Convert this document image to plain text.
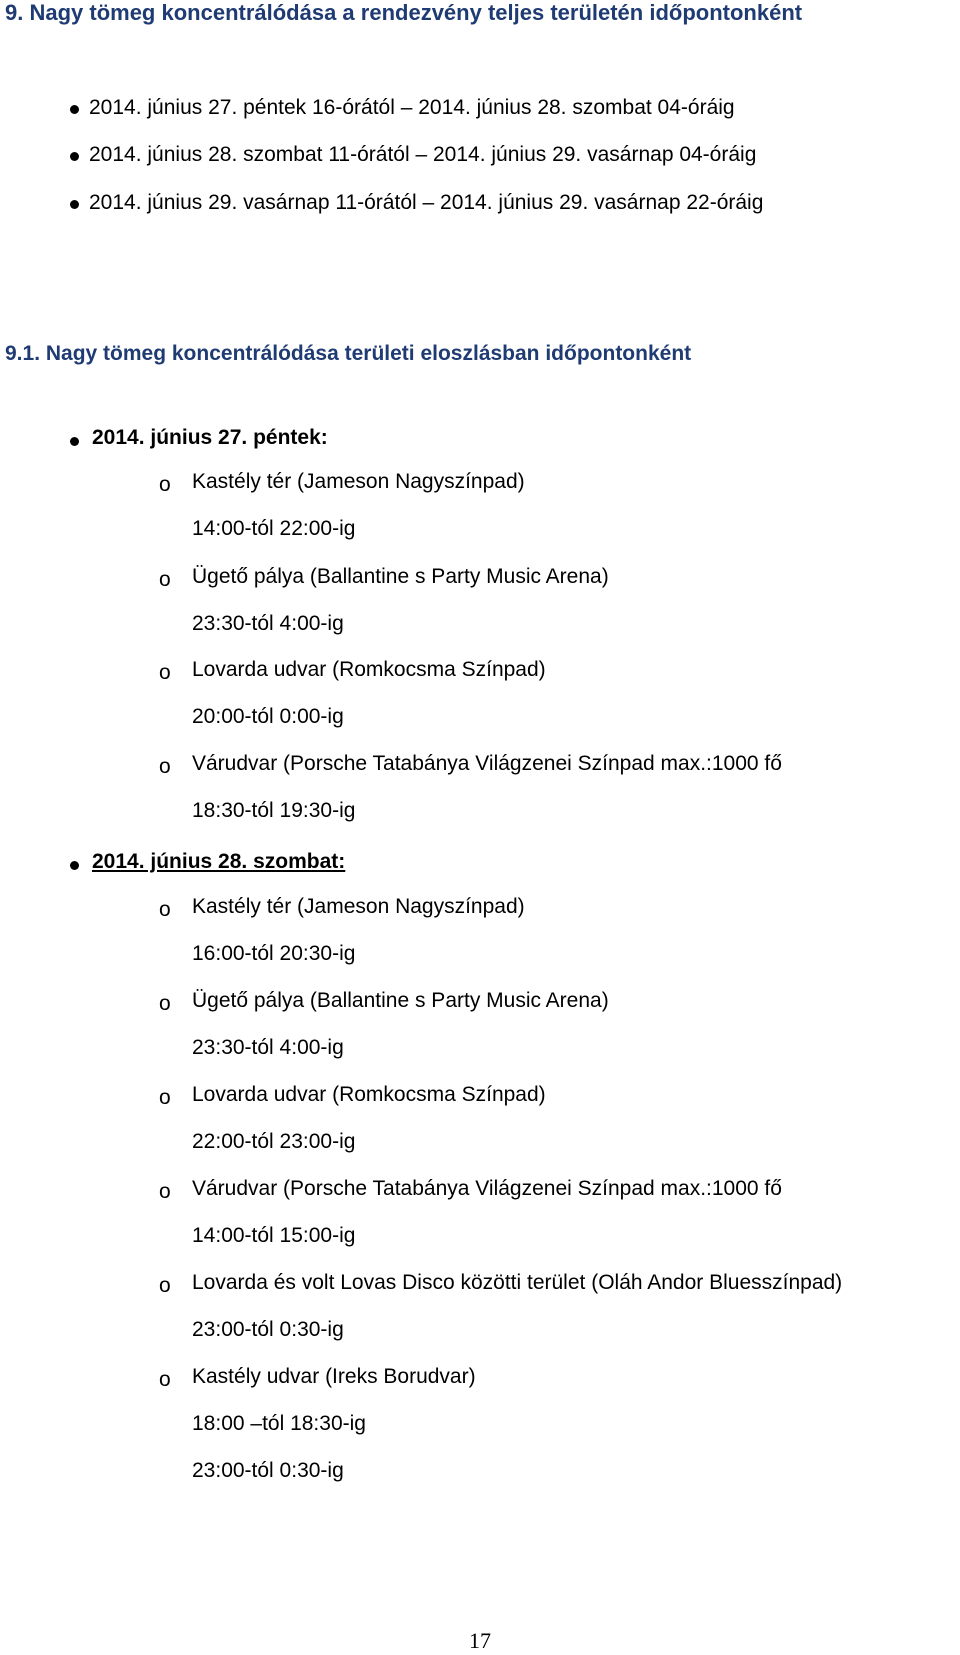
9. Nagy tömeg koncentrálódása a rendezvény teljes területén időpontonként
2014. június 27. péntek 16-órától – 2014. június 28. szombat 04-óráig
2014. június 28. szombat 11-órától – 2014. június 29. vasárnap 04-óráig
2014. június 29. vasárnap 11-órától – 2014. június 29. vasárnap 22-óráig
9.1. Nagy tömeg koncentrálódása területi eloszlásban időpontonként
2014. június 27. péntek:
o Kastély tér (Jameson Nagyszínpad)
14:00-tól 22:00-ig
o Ügető pálya (Ballantine s Party Music Arena)
23:30-tól 4:00-ig
o Lovarda udvar (Romkocsma Színpad)
20:00-tól 0:00-ig
o Várudvar (Porsche Tatabánya Világzenei Színpad max.:1000 fő
18:30-tól 19:30-ig
2014. június 28. szombat:
o Kastély tér (Jameson Nagyszínpad)
16:00-tól 20:30-ig
o Ügető pálya (Ballantine s Party Music Arena)
23:30-tól 4:00-ig
o Lovarda udvar (Romkocsma Színpad)
22:00-tól 23:00-ig
o Várudvar (Porsche Tatabánya Világzenei Színpad max.:1000 fő
14:00-tól 15:00-ig
o Lovarda és volt Lovas Disco közötti terület (Oláh Andor Bluesszínpad)
23:00-tól 0:30-ig
o Kastély udvar (Ireks Borudvar)
18:00 –tól 18:30-ig
23:00-tól 0:30-ig
17
